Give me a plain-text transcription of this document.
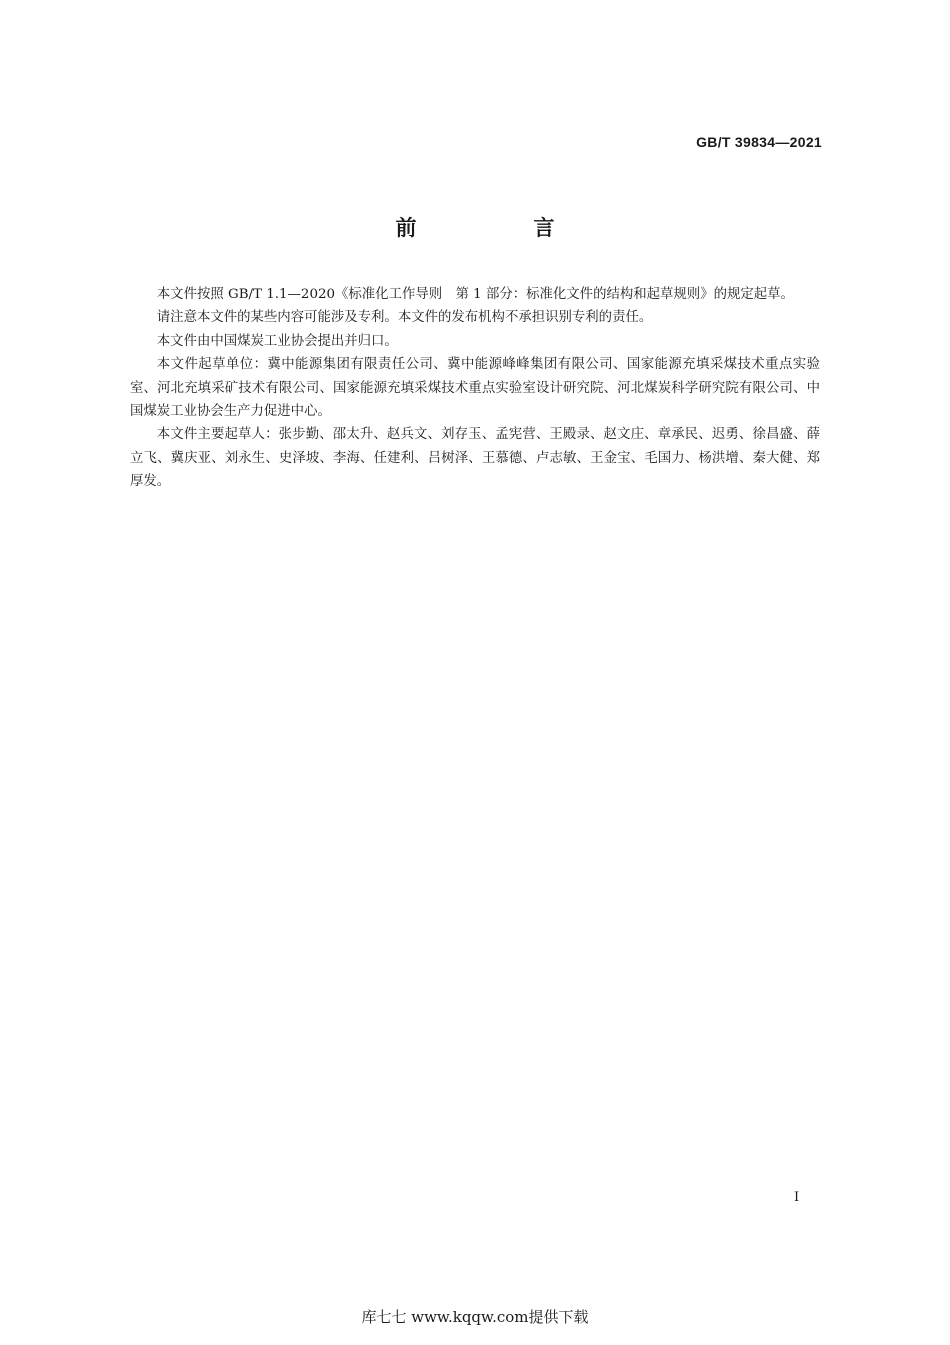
GB/T 39834—2021
前　言

本文件按照 GB/T 1.1—2020《标准化工作导则　第 1 部分：标准化文件的结构和起草规则》的规定起草。

请注意本文件的某些内容可能涉及专利。本文件的发布机构不承担识别专利的责任。

本文件由中国煤炭工业协会提出并归口。

本文件起草单位：冀中能源集团有限责任公司、冀中能源峰峰集团有限公司、国家能源充填采煤技术重点实验室、河北充填采矿技术有限公司、国家能源充填采煤技术重点实验室设计研究院、河北煤炭科学研究院有限公司、中国煤炭工业协会生产力促进中心。

本文件主要起草人：张步勤、邵太升、赵兵文、刘存玉、孟宪营、王殿录、赵文庄、章承民、迟勇、徐昌盛、薛立飞、冀庆亚、刘永生、史泽坡、李海、任建利、吕树泽、王慕德、卢志敏、王金宝、毛国力、杨洪增、秦大健、郑厚发。

I
库七七 www.kqqw.com提供下载
